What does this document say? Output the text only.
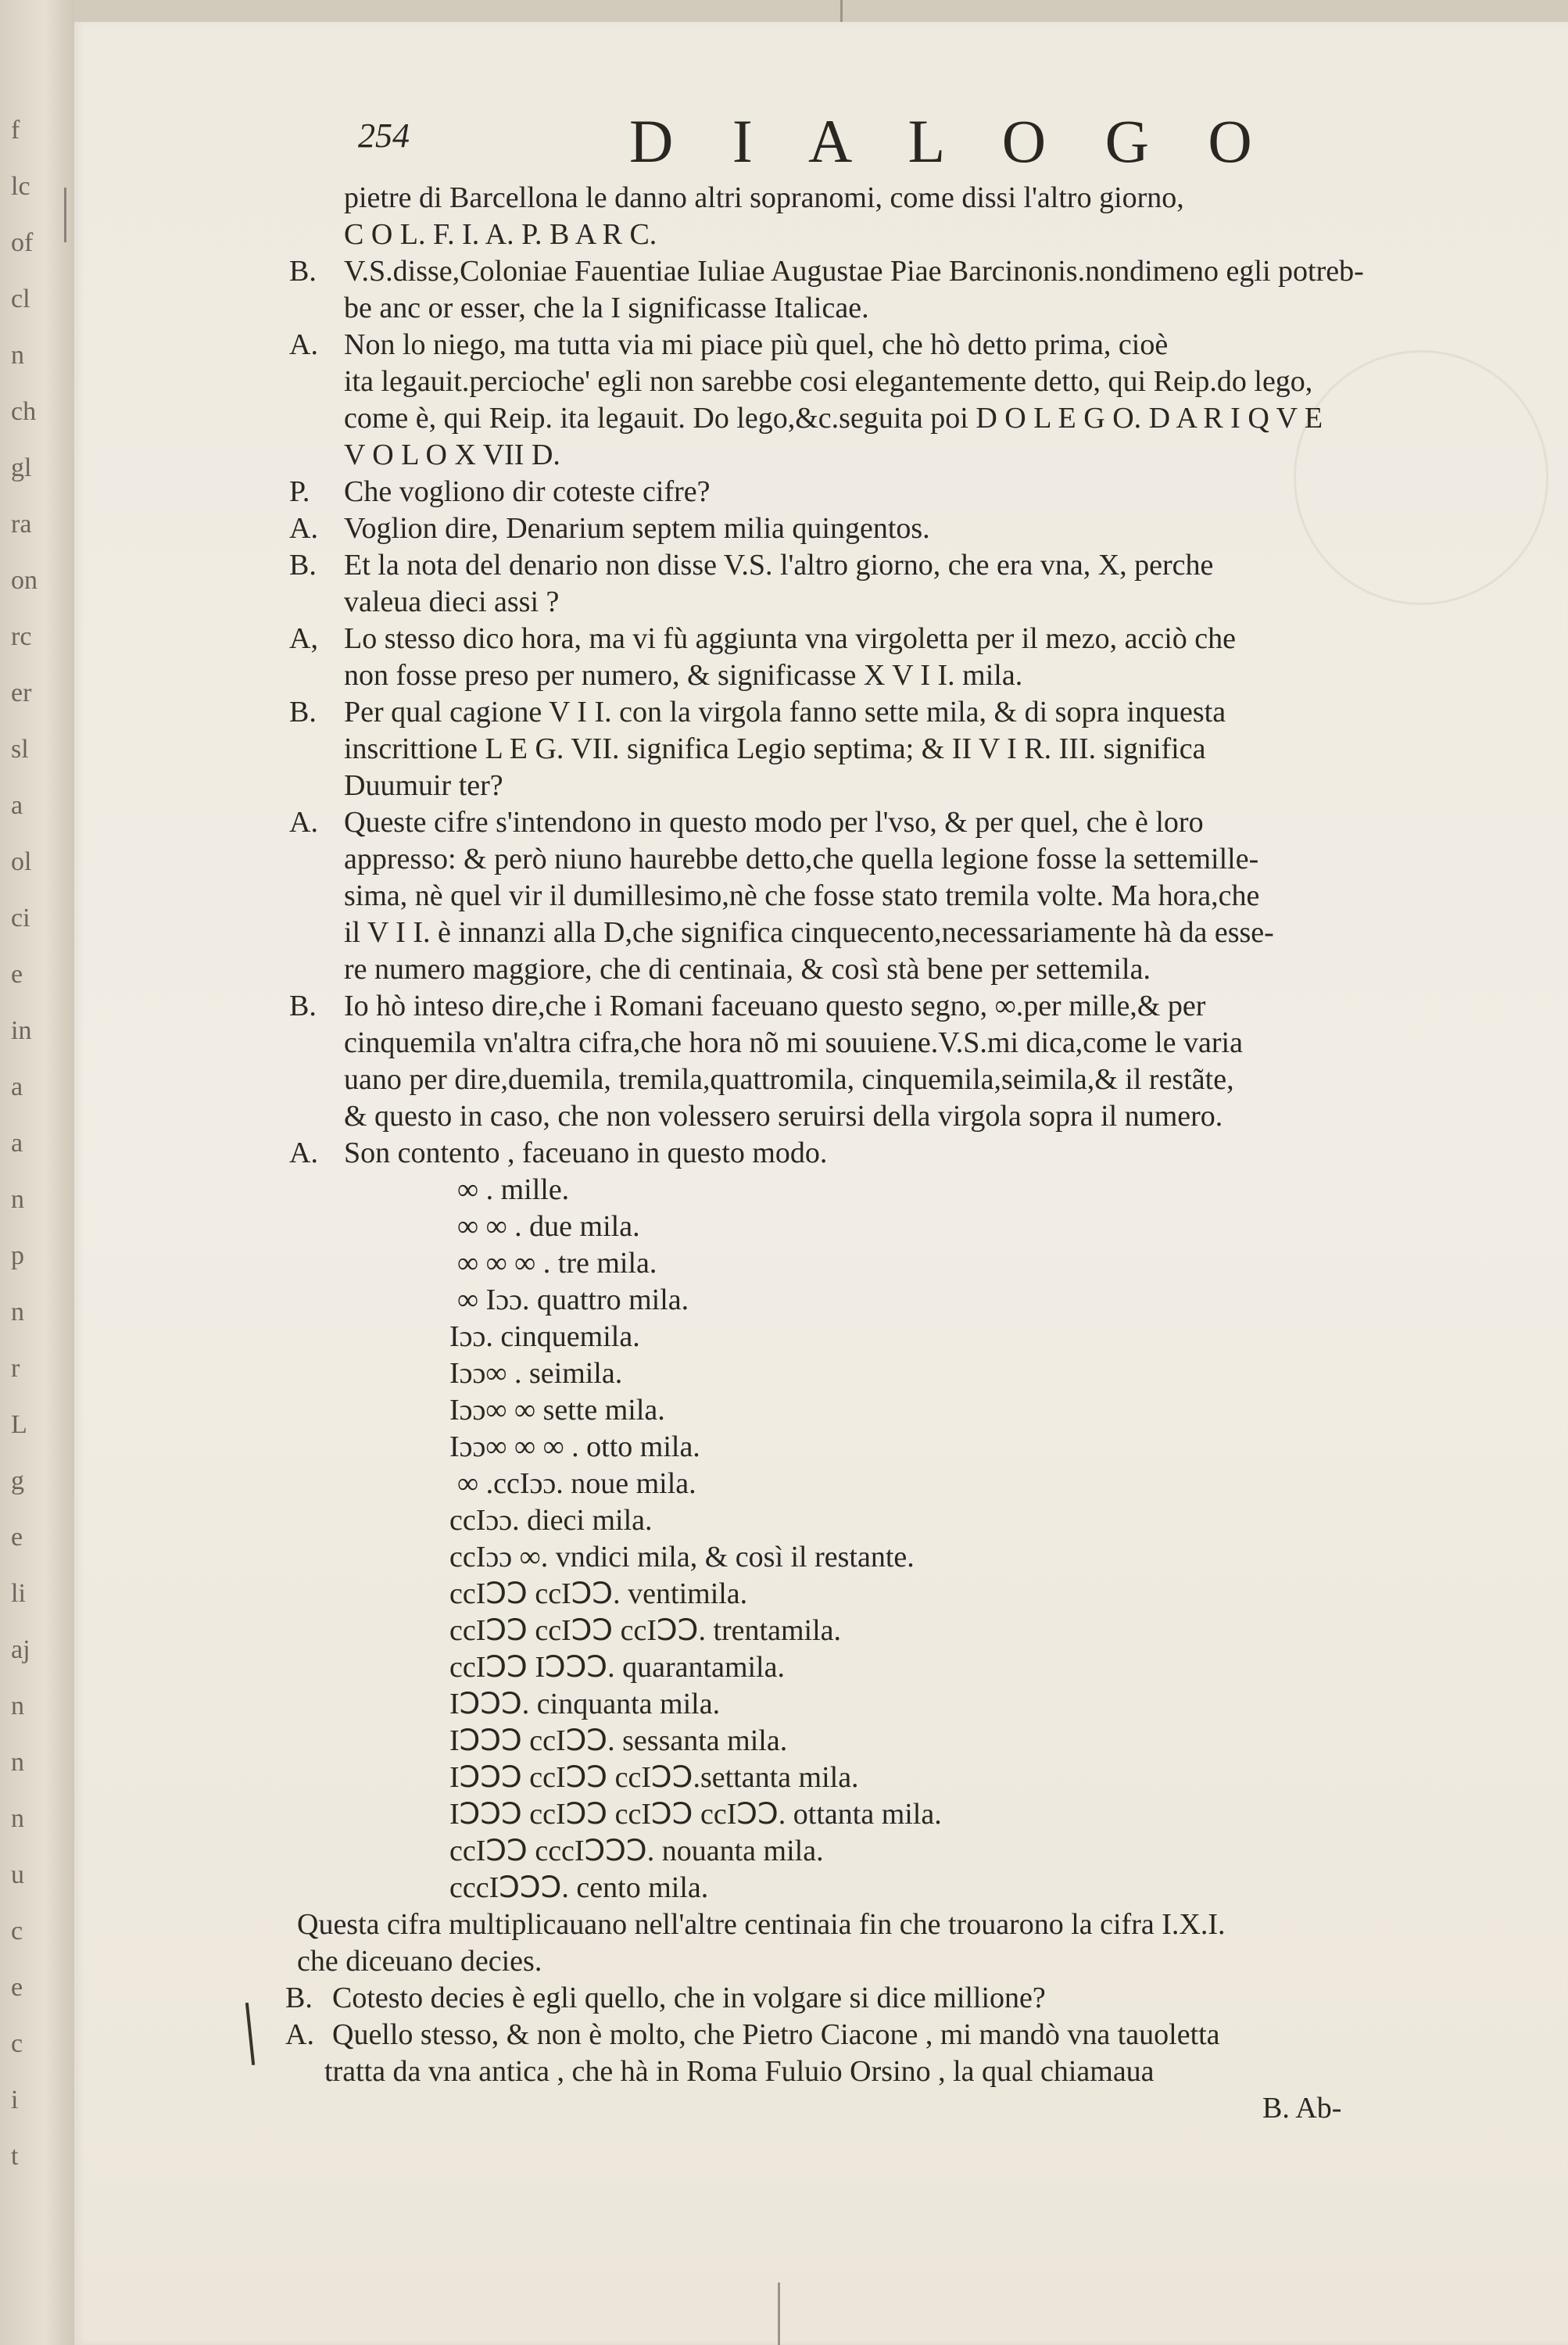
f
lc
of
cl
n
ch
gl
ra
on
rc
er
sl
a
ol
ci
e
in
a
a
n
p
n
r
L
g
e
li
aj
n
n
n
u
c
e
c
i
t
254	D I A L O G O
pietre di Barcellona le danno altri sopranomi, come dissi l'altro giorno,
C O L. F. I. A. P. B A R C.
B. V.S.disse,Coloniae Fauentiae Iuliae Augustae Piae Barcinonis.nondimeno egli potreb-
be anc or esser, che la I significasse Italicae.
A. Non lo niego, ma tutta via mi piace più quel, che hò detto prima, cioè
ita legauit.percioche' egli non sarebbe cosi elegantemente detto, qui Reip.do lego,
come è, qui Reip. ita legauit. Do lego,&c.seguita poi D O L E G O. D A R I Q V E
V O L O X VII D.
P.	Che vogliono dir coteste cifre?
A. Voglion dire, Denarium septem milia quingentos.
B. Et la nota del denario non disse V.S. l'altro giorno, che era vna, X, perche
valeua dieci assi ?
A, Lo stesso dico hora, ma vi fù aggiunta vna virgoletta per il mezo, acciò che
non fosse preso per numero, & significasse X V I I. mila.
B. Per qual cagione V I I. con la virgola fanno sette mila, & di sopra inquesta
inscrittione L E G. VII. significa Legio septima; & II V I R. III. significa
Duumuir ter?
A. Queste cifre s'intendono in questo modo per l'vso, & per quel, che è loro
appresso: & però niuno haurebbe detto,che quella legione fosse la settemille-
sima, nè quel vir il dumillesimo,nè che fosse stato tremila volte. Ma hora,che
il V I I. è innanzi alla D,che significa cinquecento,necessariamente hà da esse-
re numero maggiore, che di centinaia, & così stà bene per settemila.
B. Io hò inteso dire,che i Romani faceuano questo segno, ∞.per mille,& per
cinquemila vn'altra cifra,che hora nõ mi souuiene.V.S.mi dica,come le varia
uano per dire,duemila, tremila,quattromila, cinquemila,seimila,& il restãte,
& questo in caso, che non volessero seruirsi della virgola sopra il numero.
A. Son contento , faceuano in questo modo.
∞ . mille.
∞ ∞ . due mila.
∞ ∞ ∞ . tre mila.
∞ Iɔɔ. quattro mila.
Iɔɔ. cinquemila.
Iɔɔ∞ . seimila.
Iɔɔ∞ ∞ sette mila.
Iɔɔ∞ ∞ ∞ . otto mila.
∞ .ccIɔɔ. noue mila.
ccIɔɔ. dieci mila.
ccIɔɔ ∞. vndici mila, & così il restante.
ccIↃↃ ccIↃↃ. ventimila.
ccIↃↃ ccIↃↃ ccIↃↃ. trentamila.
ccIↃↃ IↃↃↃ. quarantamila.
IↃↃↃ. cinquanta mila.
IↃↃↃ ccIↃↃ. sessanta mila.
IↃↃↃ ccIↃↃ ccIↃↃ.settanta mila.
IↃↃↃ ccIↃↃ ccIↃↃ ccIↃↃ. ottanta mila.
ccIↃↃ cccIↃↃↃ. nouanta mila.
cccIↃↃↃ. cento mila.
Questa cifra multiplicauano nell'altre centinaia fin che trouarono la cifra I.X.I.
che diceuano decies.
B. Cotesto decies è egli quello, che in volgare si dice millione?
A. Quello stesso, & non è molto, che Pietro Ciacone , mi mandò vna tauoletta
tratta da vna antica , che hà in Roma Fuluio Orsino , la qual chiamaua
B. Ab-
